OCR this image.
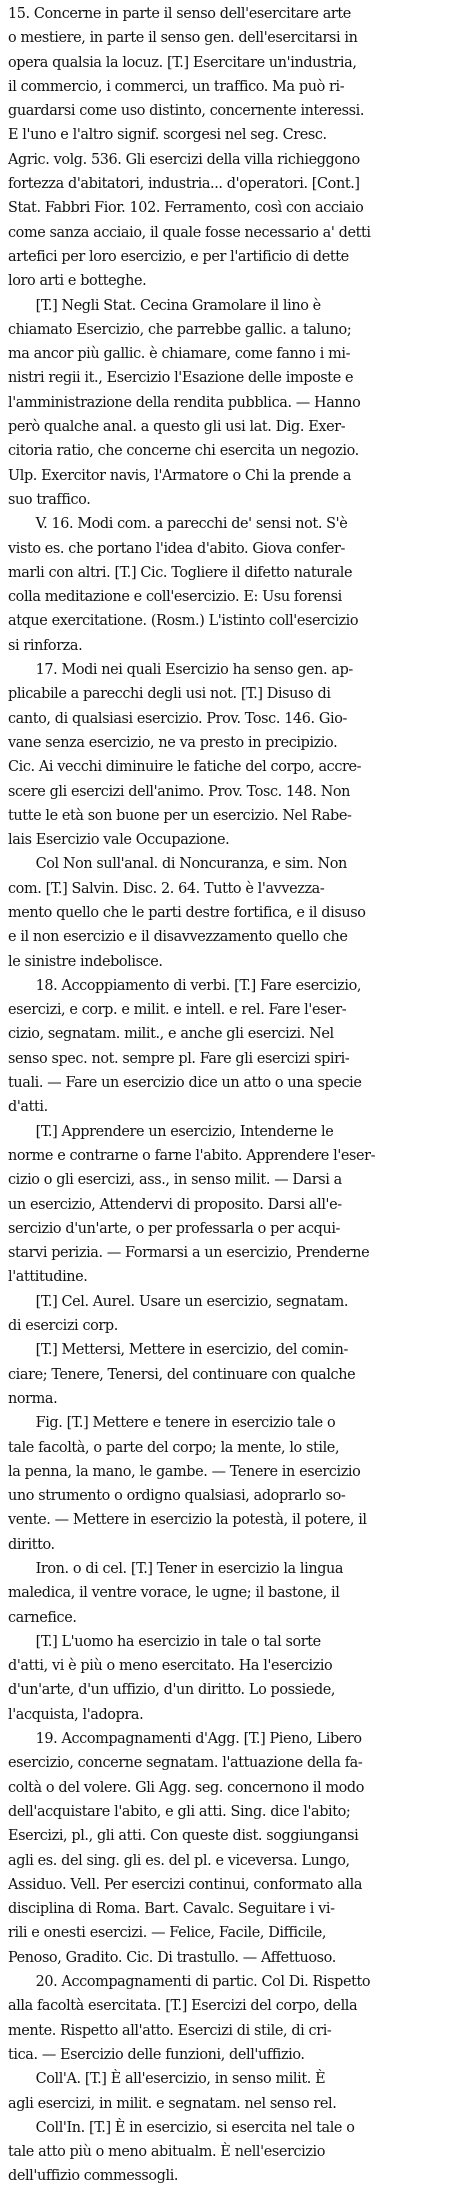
15. Concerne in parte il senso dell'esercitare arte
o mestiere, in parte il senso gen. dell'esercitarsi in
opera qualsia la locuz. [T.] Esercitare un'industria,
il commercio, i commerci, un traffico. Ma può ri-
guardarsi come uso distinto, concernente interessi.
E l'uno e l'altro signif. scorgesi nel seg. Cresc.
Agric. volg. 536. Gli esercizi della villa richieggono
fortezza d'abitatori, industria... d'operatori. [Cont.]
Stat. Fabbri Fior. 102. Ferramento, così con acciaio
come sanza acciaio, il quale fosse necessario a' detti
artefici per loro esercizio, e per l'artificio di dette
loro arti e botteghe.
[T.] Negli Stat. Cecina Gramolare il lino è
chiamato Esercizio, che parrebbe gallic. a taluno;
ma ancor più gallic. è chiamare, come fanno i mi-
nistri regii it., Esercizio l'Esazione delle imposte e
l'amministrazione della rendita pubblica. — Hanno
però qualche anal. a questo gli usi lat. Dig. Exer-
citoria ratio, che concerne chi esercita un negozio.
Ulp. Exercitor navis, l'Armatore o Chi la prende a
suo traffico.
V. 16. Modi com. a parecchi de' sensi not. S'è
visto es. che portano l'idea d'abito. Giova confer-
marli con altri. [T.] Cic. Togliere il difetto naturale
colla meditazione e coll'esercizio. E: Usu forensi
atque exercitatione. (Rosm.) L'istinto coll'esercizio
si rinforza.
17. Modi nei quali Esercizio ha senso gen. ap-
plicabile a parecchi degli usi not. [T.] Disuso di
canto, di qualsiasi esercizio. Prov. Tosc. 146. Gio-
vane senza esercizio, ne va presto in precipizio.
Cic. Ai vecchi diminuire le fatiche del corpo, accre-
scere gli esercizi dell'animo. Prov. Tosc. 148. Non
tutte le età son buone per un esercizio. Nel Rabe-
lais Esercizio vale Occupazione.
Col Non sull'anal. di Noncuranza, e sim. Non
com. [T.] Salvin. Disc. 2. 64. Tutto è l'avvezza-
mento quello che le parti destre fortifica, e il disuso
e il non esercizio e il disavvezzamento quello che
le sinistre indebolisce.
18. Accoppiamento di verbi. [T.] Fare esercizio,
esercizi, e corp. e milit. e intell. e rel. Fare l'eser-
cizio, segnatam. milit., e anche gli esercizi. Nel
senso spec. not. sempre pl. Fare gli esercizi spiri-
tuali. — Fare un esercizio dice un atto o una specie
d'atti.
[T.] Apprendere un esercizio, Intenderne le
norme e contrarne o farne l'abito. Apprendere l'eser-
cizio o gli esercizi, ass., in senso milit. — Darsi a
un esercizio, Attendervi di proposito. Darsi all'e-
sercizio d'un'arte, o per professarla o per acqui-
starvi perizia. — Formarsi a un esercizio, Prenderne
l'attitudine.
[T.] Cel. Aurel. Usare un esercizio, segnatam.
di esercizi corp.
[T.] Mettersi, Mettere in esercizio, del comin-
ciare; Tenere, Tenersi, del continuare con qualche
norma.
Fig. [T.] Mettere e tenere in esercizio tale o
tale facoltà, o parte del corpo; la mente, lo stile,
la penna, la mano, le gambe. — Tenere in esercizio
uno strumento o ordigno qualsiasi, adoprarlo so-
vente. — Mettere in esercizio la potestà, il potere, il
diritto.
Iron. o di cel. [T.] Tener in esercizio la lingua
maledica, il ventre vorace, le ugne; il bastone, il
carnefice.
[T.] L'uomo ha esercizio in tale o tal sorte
d'atti, vi è più o meno esercitato. Ha l'esercizio
d'un'arte, d'un uffizio, d'un diritto. Lo possiede,
l'acquista, l'adopra.
19. Accompagnamenti d'Agg. [T.] Pieno, Libero
esercizio, concerne segnatam. l'attuazione della fa-
coltà o del volere. Gli Agg. seg. concernono il modo
dell'acquistare l'abito, e gli atti. Sing. dice l'abito;
Esercizi, pl., gli atti. Con queste dist. soggiungansi
agli es. del sing. gli es. del pl. e viceversa. Lungo,
Assiduo. Vell. Per esercizi continui, conformato alla
disciplina di Roma. Bart. Cavalc. Seguitare i vi-
rili e onesti esercizi. — Felice, Facile, Difficile,
Penoso, Gradito. Cic. Di trastullo. — Affettuoso.
20. Accompagnamenti di partic. Col Di. Rispetto
alla facoltà esercitata. [T.] Esercizi del corpo, della
mente. Rispetto all'atto. Esercizi di stile, di cri-
tica. — Esercizio delle funzioni, dell'uffizio.
Coll'A. [T.] È all'esercizio, in senso milit. È
agli esercizi, in milit. e segnatam. nel senso rel.
Coll'In. [T.] È in esercizio, si esercita nel tale o
tale atto più o meno abitualm. È nell'esercizio
dell'uffizio commessogli.
